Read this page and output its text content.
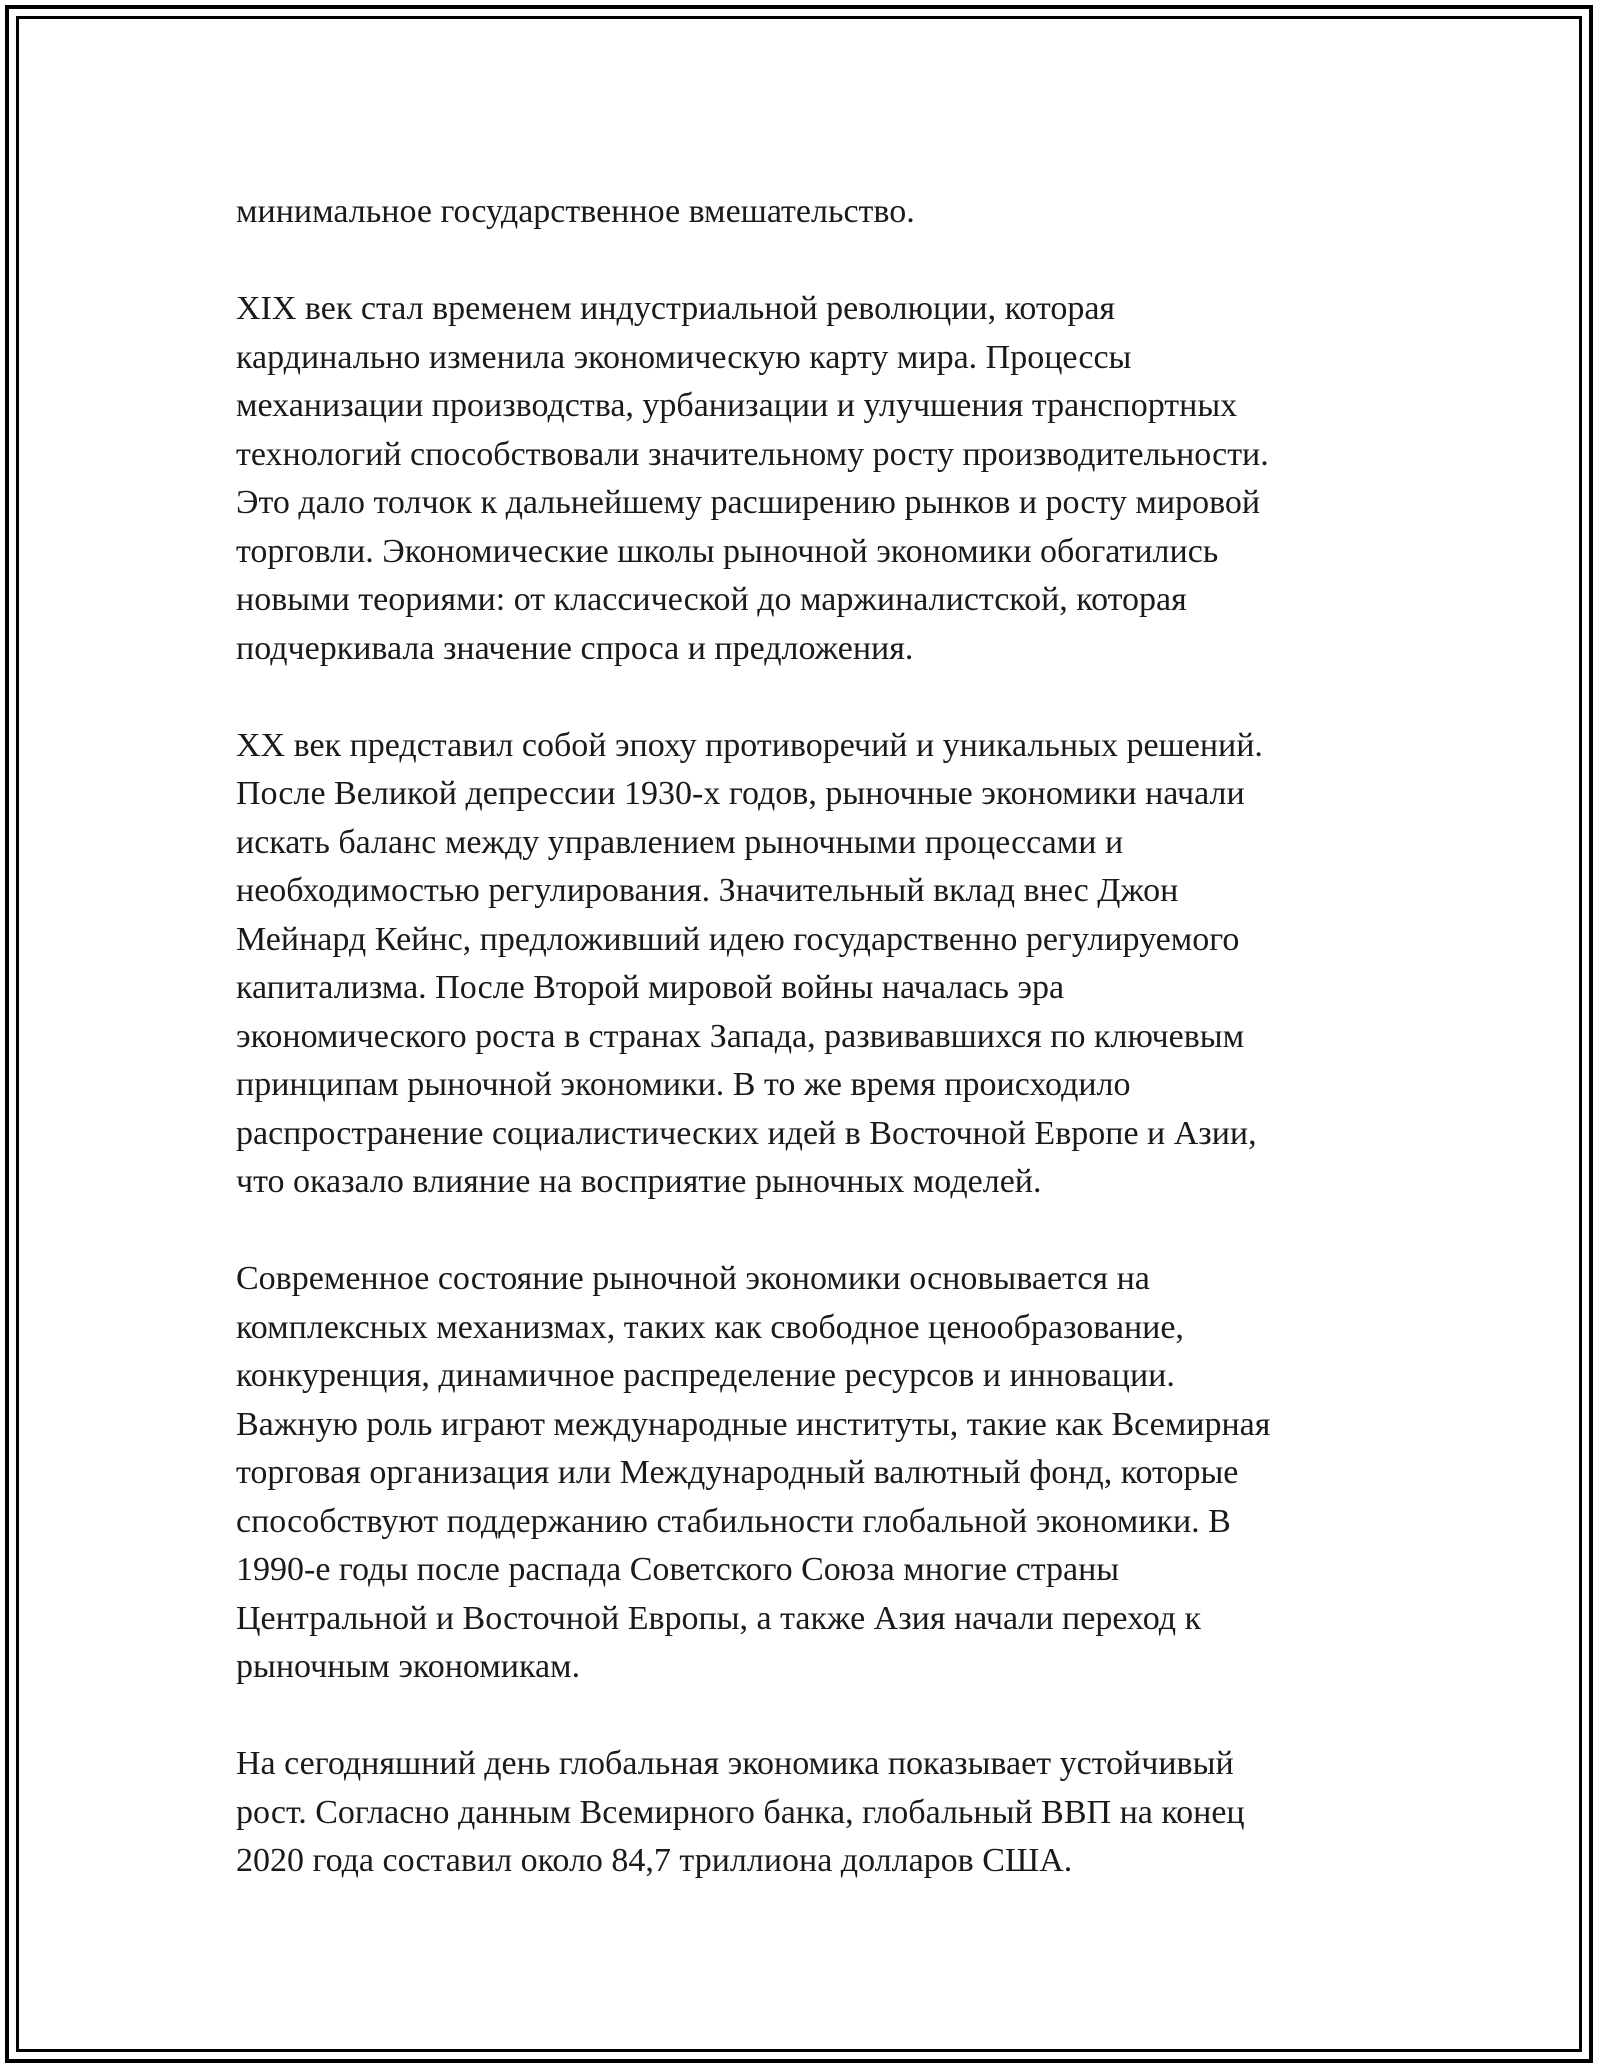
минимальное государственное вмешательство.

XIX век стал временем индустриальной революции, которая
кардинально изменила экономическую карту мира. Процессы
механизации производства, урбанизации и улучшения транспортных
технологий способствовали значительному росту производительности.
Это дало толчок к дальнейшему расширению рынков и росту мировой
торговли. Экономические школы рыночной экономики обогатились
новыми теориями: от классической до маржиналистской, которая
подчеркивала значение спроса и предложения.

XX век представил собой эпоху противоречий и уникальных решений.
После Великой депрессии 1930-х годов, рыночные экономики начали
искать баланс между управлением рыночными процессами и
необходимостью регулирования. Значительный вклад внес Джон
Мейнард Кейнс, предложивший идею государственно регулируемого
капитализма. После Второй мировой войны началась эра
экономического роста в странах Запада, развивавшихся по ключевым
принципам рыночной экономики. В то же время происходило
распространение социалистических идей в Восточной Европе и Азии,
что оказало влияние на восприятие рыночных моделей.

Современное состояние рыночной экономики основывается на
комплексных механизмах, таких как свободное ценообразование,
конкуренция, динамичное распределение ресурсов и инновации.
Важную роль играют международные институты, такие как Всемирная
торговая организация или Международный валютный фонд, которые
способствуют поддержанию стабильности глобальной экономики. В
1990-е годы после распада Советского Союза многие страны
Центральной и Восточной Европы, а также Азия начали переход к
рыночным экономикам.

На сегодняшний день глобальная экономика показывает устойчивый
рост. Согласно данным Всемирного банка, глобальный ВВП на конец
2020 года составил около 84,7 триллиона долларов США.
